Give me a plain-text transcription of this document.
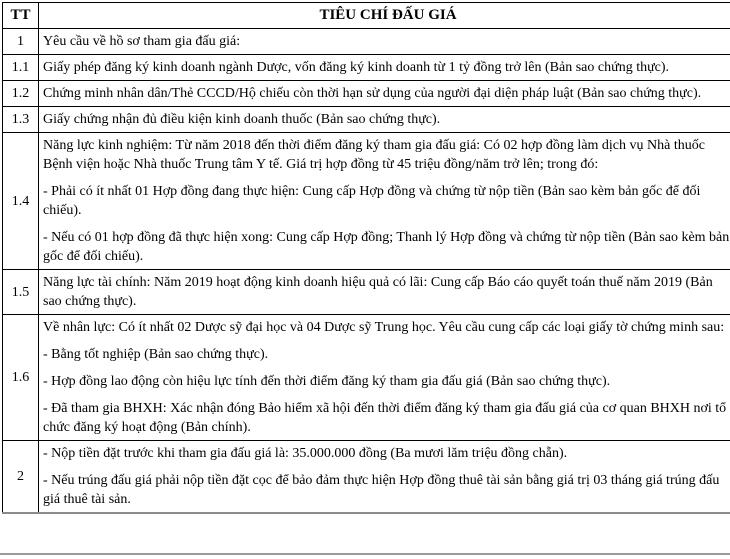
TT	TIÊU CHÍ ĐẤU GIÁ
1	Yêu cầu về hồ sơ tham gia đấu giá:

1.1	Giấy phép đăng ký kinh doanh ngành Dược, vốn đăng ký kinh doanh từ 1 tỷ đồng trở lên (Bản sao chứng thực).

1.2	Chứng minh nhân dân/Thẻ CCCD/Hộ chiếu còn thời hạn sử dụng của người đại diện pháp luật (Bản sao chứng thực).

1.3	Giấy chứng nhận đủ điều kiện kinh doanh thuốc (Bản sao chứng thực).

1.4	Năng lực kinh nghiệm: Từ năm 2018 đến thời điểm đăng ký tham gia đấu giá: Có 02 hợp đồng làm dịch vụ Nhà thuốc Bệnh viện hoặc Nhà thuốc Trung tâm Y tế. Giá trị hợp đồng từ 45 triệu đồng/năm trở lên; trong đó:
- Phải có ít nhất 01 Hợp đồng đang thực hiện: Cung cấp Hợp đồng và chứng từ nộp tiền (Bản sao kèm bản gốc để đối chiếu).
- Nếu có 01 hợp đồng đã thực hiện xong: Cung cấp Hợp đồng; Thanh lý Hợp đồng và chứng từ nộp tiền (Bản sao kèm bản gốc để đối chiếu).

1.5	Năng lực tài chính: Năm 2019 hoạt động kinh doanh hiệu quả có lãi: Cung cấp Báo cáo quyết toán thuế năm 2019 (Bản sao chứng thực).

1.6	Về nhân lực: Có ít nhất 02 Dược sỹ đại học và 04 Dược sỹ Trung học. Yêu cầu cung cấp các loại giấy tờ chứng minh sau:
- Bằng tốt nghiệp (Bản sao chứng thực).
- Hợp đồng lao động còn hiệu lực tính đến thời điểm đăng ký tham gia đấu giá (Bản sao chứng thực).
- Đã tham gia BHXH: Xác nhận đóng Bảo hiểm xã hội đến thời điểm đăng ký tham gia đấu giá của cơ quan BHXH nơi tổ chức đăng ký hoạt động (Bản chính).

2	- Nộp tiền đặt trước khi tham gia đấu giá là: 35.000.000 đồng (Ba mươi lăm triệu đồng chẵn).
- Nếu trúng đấu giá phải nộp tiền đặt cọc để bảo đảm thực hiện Hợp đồng thuê tài sản bằng giá trị 03 tháng giá trúng đấu giá thuê tài sản.
